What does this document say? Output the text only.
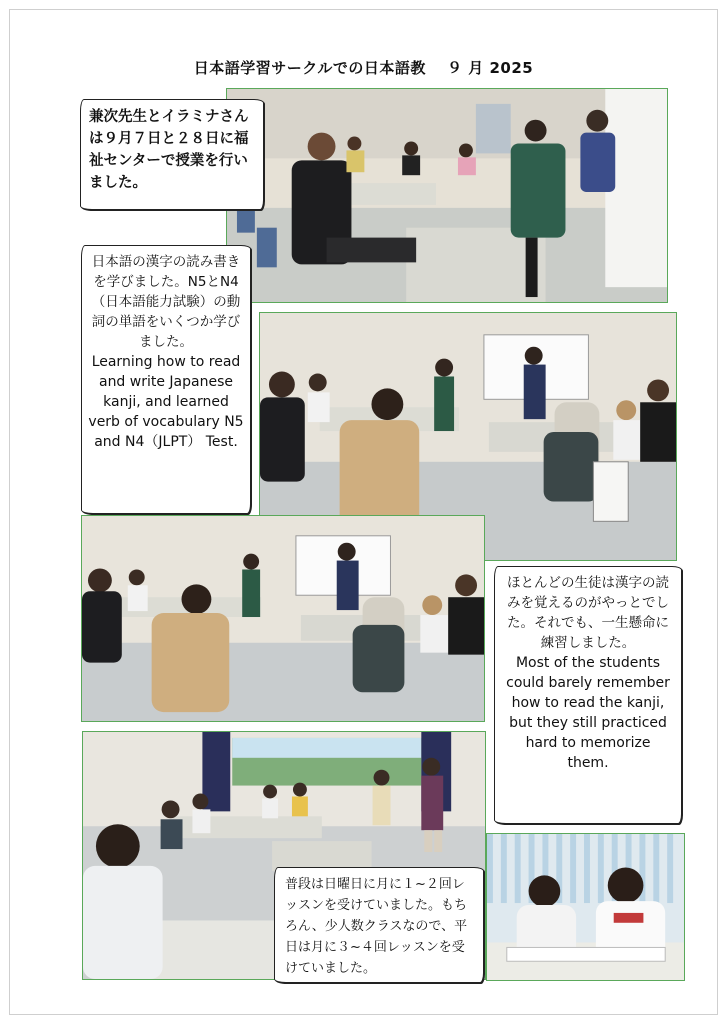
日本語学習サークルでの日本語教　 ９ 月 2025
兼次先生とイラミナさんは９月７日と２８日に福祉センターで授業を行いました。
日本語の漢字の読み書きを学びました。N5とN4（日本語能力試験）の動詞の単語をいくつか学びました。
Learning how to read and write Japanese kanji, and learned verb of vocabulary N5 and N4（JLPT） Test.
ほとんどの生徒は漢字の読みを覚えるのがやっとでした。それでも、一生懸命に練習しました。
Most of the students could barely remember how to read the kanji, but they still practiced hard to memorize them.
普段は日曜日に月に１~２回レッスンを受けていました。もちろん、少人数クラスなので、平日は月に３~４回レッスンを受けていました。
